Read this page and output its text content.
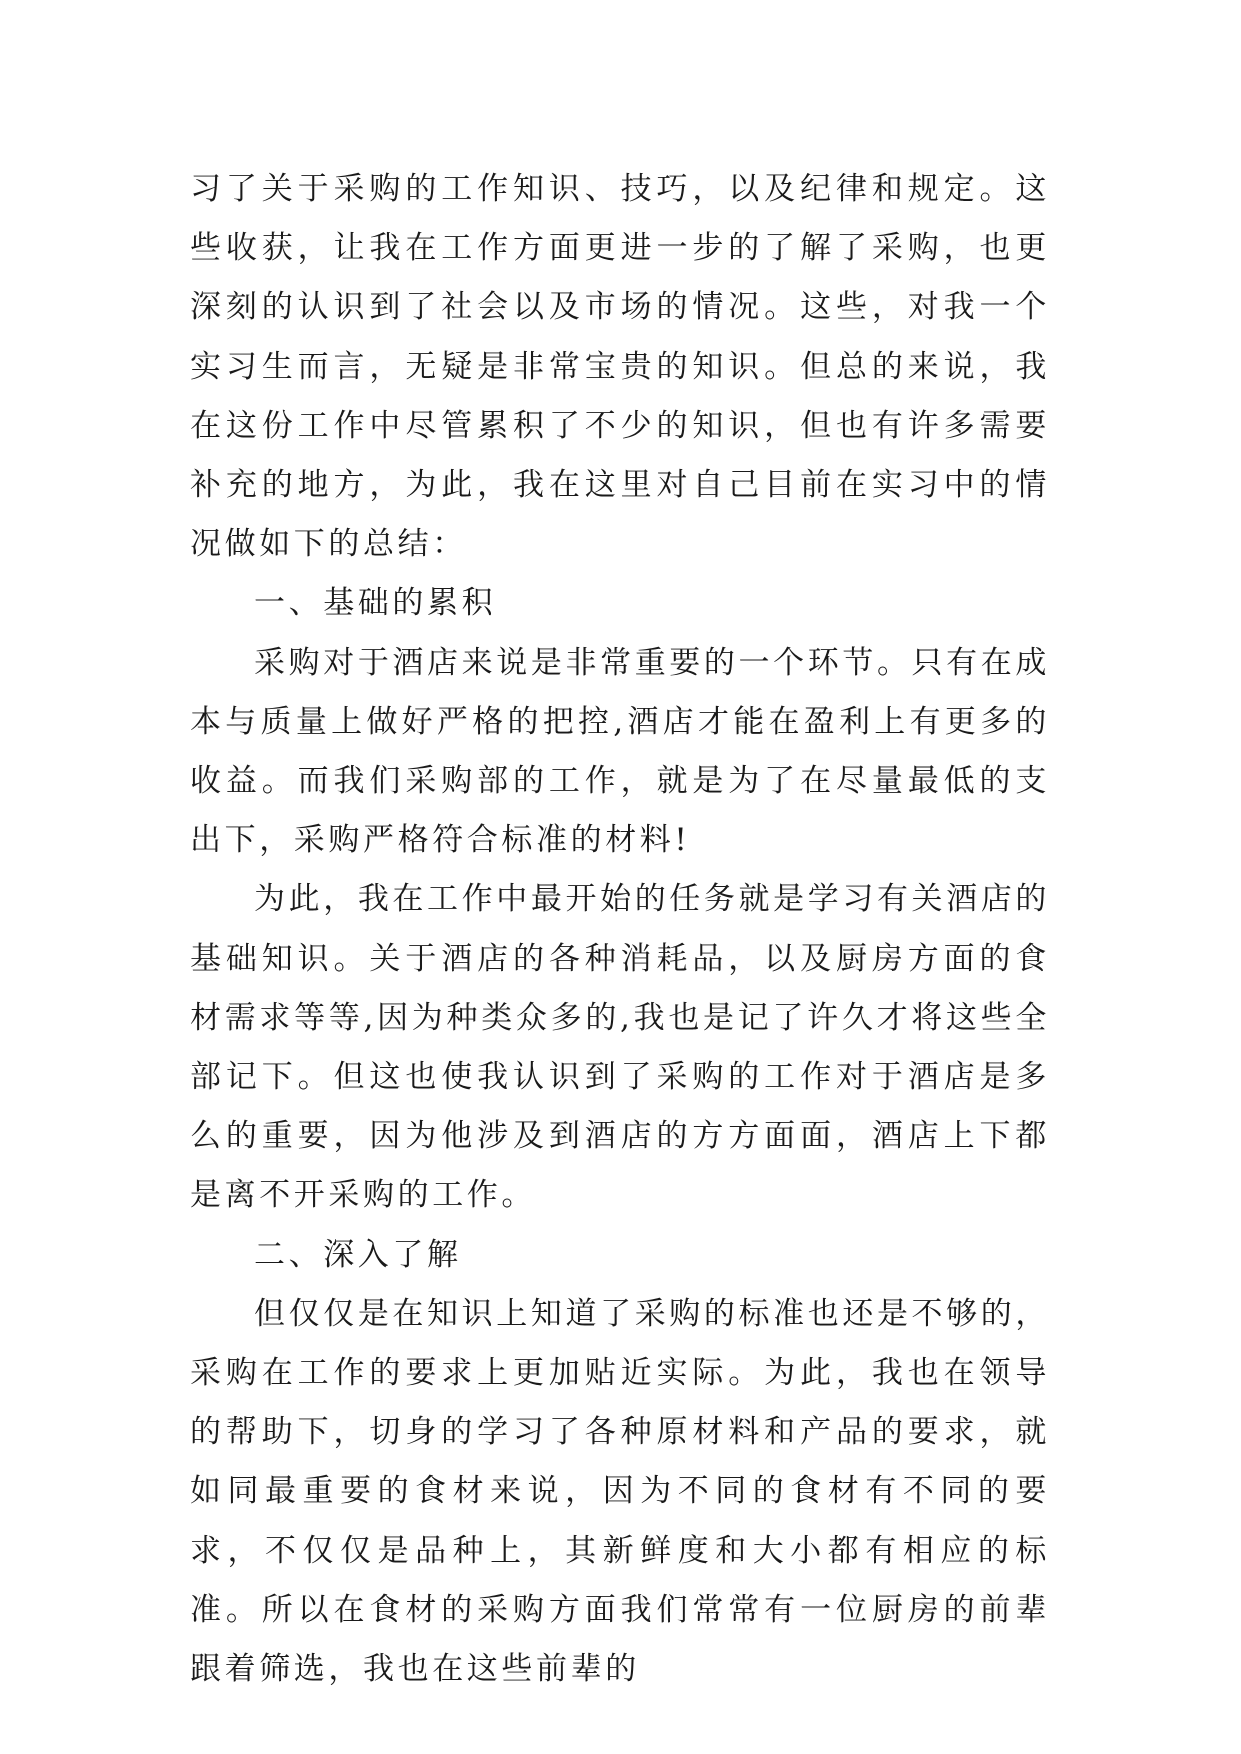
习了关于采购的工作知识、技巧，以及纪律和规定。这些收获，让我在工作方面更进一步的了解了采购，也更深刻的认识到了社会以及市场的情况。这些，对我一个实习生而言，无疑是非常宝贵的知识。但总的来说，我在这份工作中尽管累积了不少的知识，但也有许多需要补充的地方，为此，我在这里对自己目前在实习中的情况做如下的总结：

一、基础的累积

采购对于酒店来说是非常重要的一个环节。只有在成本与质量上做好严格的把控,酒店才能在盈利上有更多的收益。而我们采购部的工作，就是为了在尽量最低的支出下，采购严格符合标准的材料!

为此，我在工作中最开始的任务就是学习有关酒店的基础知识。关于酒店的各种消耗品，以及厨房方面的食材需求等等,因为种类众多的,我也是记了许久才将这些全部记下。但这也使我认识到了采购的工作对于酒店是多么的重要，因为他涉及到酒店的方方面面，酒店上下都是离不开采购的工作。

二、深入了解

但仅仅是在知识上知道了采购的标准也还是不够的，采购在工作的要求上更加贴近实际。为此，我也在领导的帮助下，切身的学习了各种原材料和产品的要求，就如同最重要的食材来说，因为不同的食材有不同的要求，不仅仅是品种上，其新鲜度和大小都有相应的标准。所以在食材的采购方面我们常常有一位厨房的前辈跟着筛选，我也在这些前辈的
